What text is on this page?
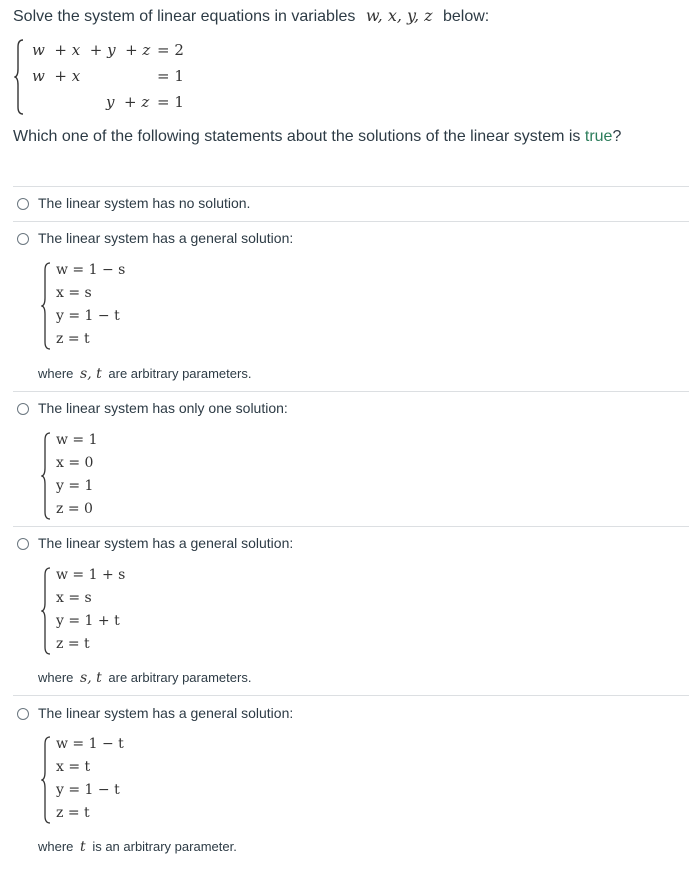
Solve the system of linear equations in variables w, x, y, z below:
w  + x  + y  + z = 2
w  + x	= 1
y  + z = 1
Which one of the following statements about the solutions of the linear system is true?
The linear system has no solution.
The linear system has a general solution:
w = 1 − s
x = s
y = 1 − t
z = t
where s, t are arbitrary parameters.
The linear system has only one solution:
w = 1
x = 0
y = 1
z = 0
The linear system has a general solution:
w = 1 + s
x = s
y = 1 + t
z = t
where s, t are arbitrary parameters.
The linear system has a general solution:
w = 1 − t
x = t
y = 1 − t
z = t
where t is an arbitrary parameter.
